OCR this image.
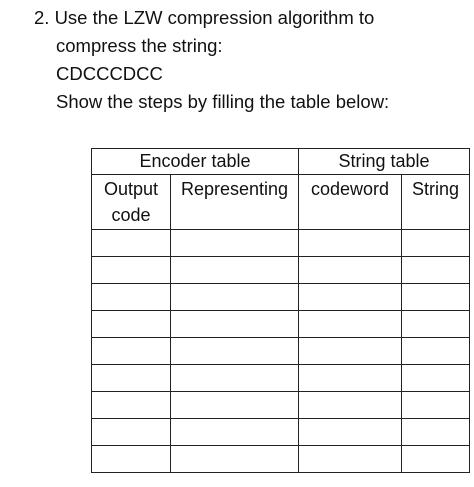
2. Use the LZW compression algorithm to
compress the string:
CDCCCDCC
Show the steps by filling the table below:
Encoder table		String table	

Output
code	Representing	codeword	String
